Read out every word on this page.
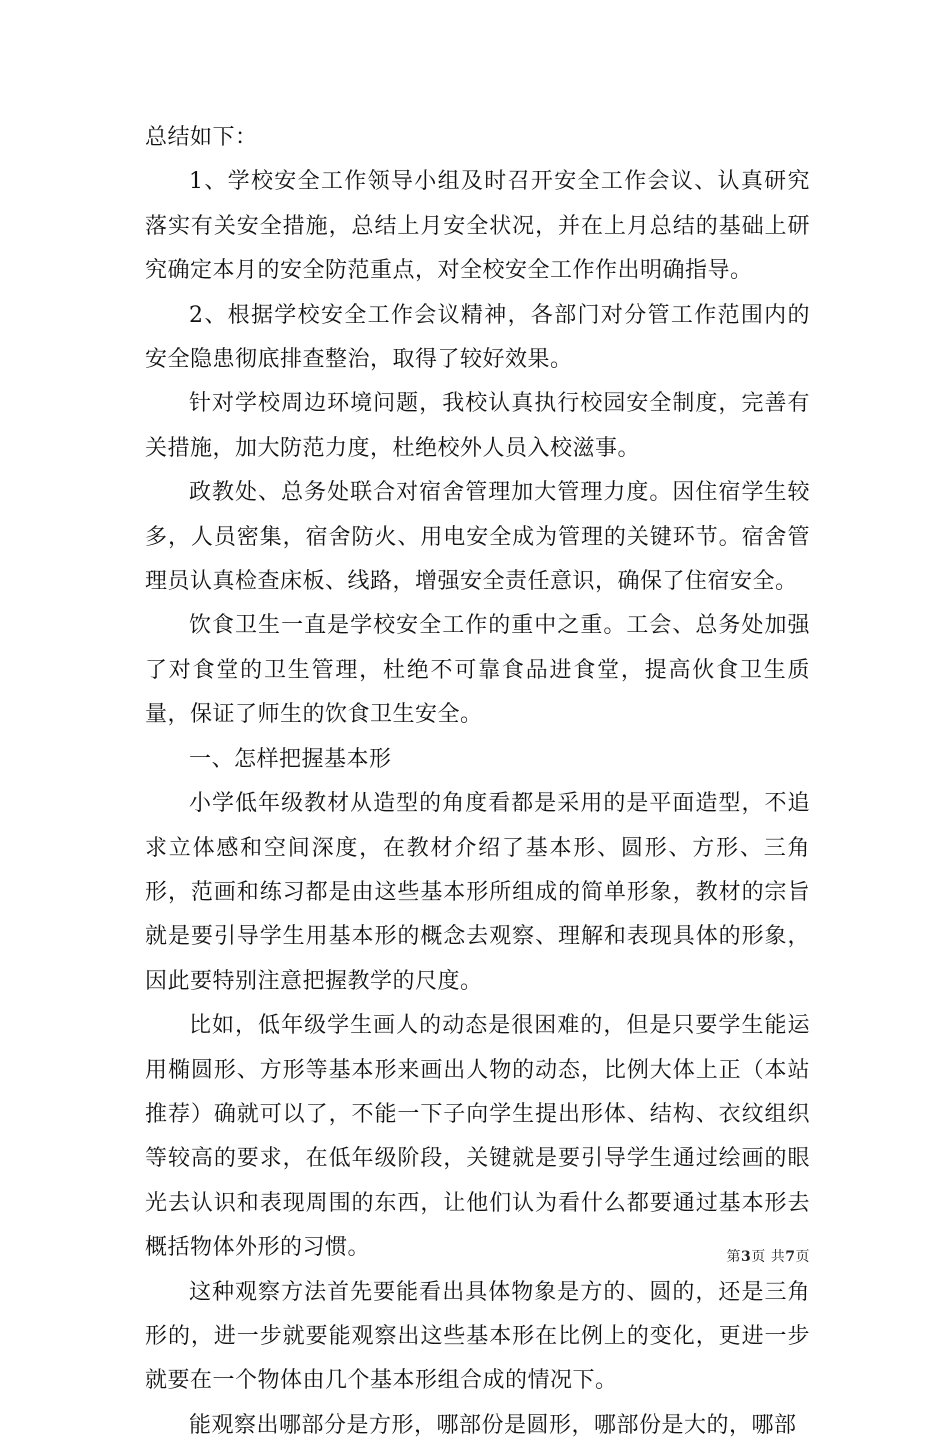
总结如下：

1、学校安全工作领导小组及时召开安全工作会议、认真研究落实有关安全措施，总结上月安全状况，并在上月总结的基础上研究确定本月的安全防范重点，对全校安全工作作出明确指导。

2、根据学校安全工作会议精神，各部门对分管工作范围内的安全隐患彻底排查整治，取得了较好效果。

针对学校周边环境问题，我校认真执行校园安全制度，完善有关措施，加大防范力度，杜绝校外人员入校滋事。

政教处、总务处联合对宿舍管理加大管理力度。因住宿学生较多，人员密集，宿舍防火、用电安全成为管理的关键环节。宿舍管理员认真检查床板、线路，增强安全责任意识，确保了住宿安全。

饮食卫生一直是学校安全工作的重中之重。工会、总务处加强了对食堂的卫生管理，杜绝不可靠食品进食堂，提高伙食卫生质量，保证了师生的饮食卫生安全。

一、怎样把握基本形

小学低年级教材从造型的角度看都是采用的是平面造型，不追求立体感和空间深度，在教材介绍了基本形、圆形、方形、三角形，范画和练习都是由这些基本形所组成的简单形象，教材的宗旨就是要引导学生用基本形的概念去观察、理解和表现具体的形象，因此要特别注意把握教学的尺度。

比如，低年级学生画人的动态是很困难的，但是只要学生能运用椭圆形、方形等基本形来画出人物的动态，比例大体上正（本站推荐）确就可以了，不能一下子向学生提出形体、结构、衣纹组织等较高的要求，在低年级阶段，关键就是要引导学生通过绘画的眼光去认识和表现周围的东西，让他们认为看什么都要通过基本形去概括物体外形的习惯。

这种观察方法首先要能看出具体物象是方的、圆的，还是三角形的，进一步就要能观察出这些基本形在比例上的变化，更进一步就要在一个物体由几个基本形组合成的情况下。

能观察出哪部分是方形，哪部份是圆形，哪部份是大的，哪部

第3页 共7页
